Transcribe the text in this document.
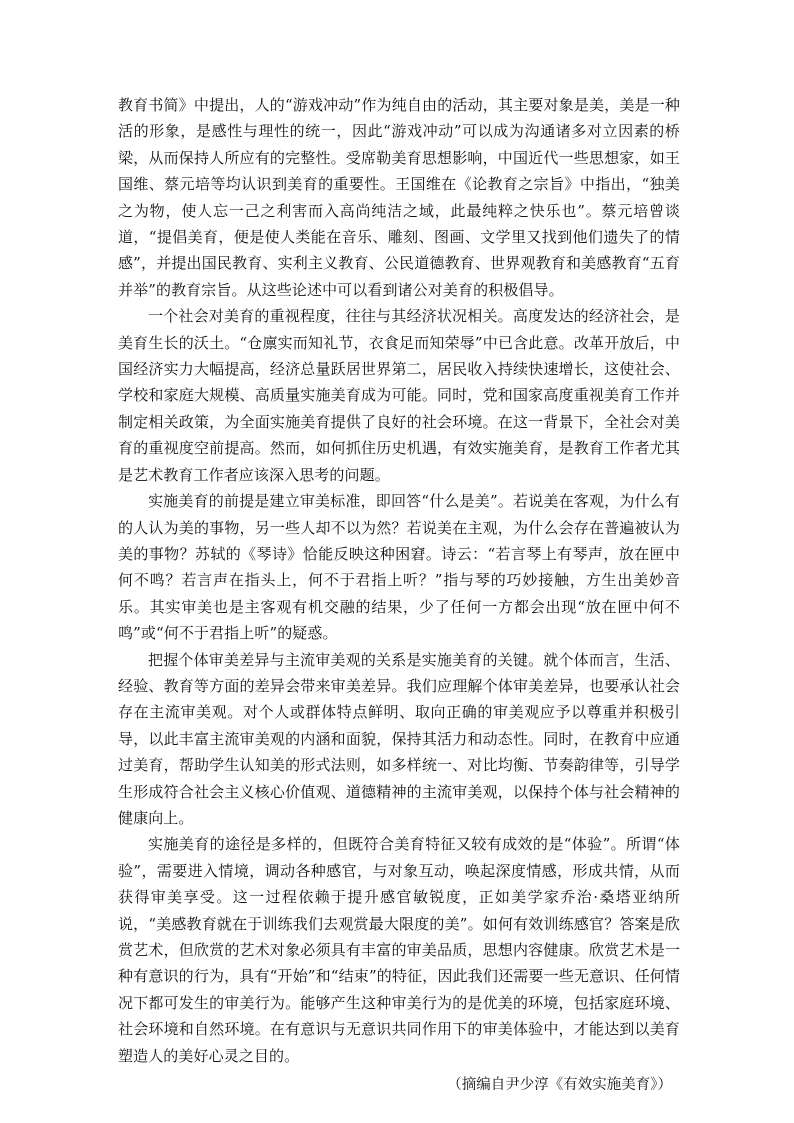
教育书简》中提出，人的“游戏冲动”作为纯自由的活动，其主要对象是美，美是一种活的形象，是感性与理性的统一，因此“游戏冲动”可以成为沟通诸多对立因素的桥梁，从而保持人所应有的完整性。受席勒美育思想影响，中国近代一些思想家，如王国维、蔡元培等均认识到美育的重要性。王国维在《论教育之宗旨》中指出，“独美之为物，使人忘一己之利害而入高尚纯洁之域，此最纯粹之快乐也”。蔡元培曾谈道，“提倡美育，便是使人类能在音乐、雕刻、图画、文学里又找到他们遗失了的情感”，并提出国民教育、实利主义教育、公民道德教育、世界观教育和美感教育“五育并举”的教育宗旨。从这些论述中可以看到诸公对美育的积极倡导。

一个社会对美育的重视程度，往往与其经济状况相关。高度发达的经济社会，是美育生长的沃土。“仓廪实而知礼节，衣食足而知荣辱”中已含此意。改革开放后，中国经济实力大幅提高，经济总量跃居世界第二，居民收入持续快速增长，这使社会、学校和家庭大规模、高质量实施美育成为可能。同时，党和国家高度重视美育工作并制定相关政策，为全面实施美育提供了良好的社会环境。在这一背景下，全社会对美育的重视度空前提高。然而，如何抓住历史机遇，有效实施美育，是教育工作者尤其是艺术教育工作者应该深入思考的问题。

实施美育的前提是建立审美标准，即回答“什么是美”。若说美在客观，为什么有的人认为美的事物，另一些人却不以为然？若说美在主观，为什么会存在普遍被认为美的事物？苏轼的《琴诗》恰能反映这种困窘。诗云：“若言琴上有琴声，放在匣中何不鸣？若言声在指头上，何不于君指上听？”指与琴的巧妙接触，方生出美妙音乐。其实审美也是主客观有机交融的结果，少了任何一方都会出现“放在匣中何不鸣”或“何不于君指上听”的疑惑。

把握个体审美差异与主流审美观的关系是实施美育的关键。就个体而言，生活、经验、教育等方面的差异会带来审美差异。我们应理解个体审美差异，也要承认社会存在主流审美观。对个人或群体特点鲜明、取向正确的审美观应予以尊重并积极引导，以此丰富主流审美观的内涵和面貌，保持其活力和动态性。同时，在教育中应通过美育，帮助学生认知美的形式法则，如多样统一、对比均衡、节奏韵律等，引导学生形成符合社会主义核心价值观、道德精神的主流审美观，以保持个体与社会精神的健康向上。

实施美育的途径是多样的，但既符合美育特征又较有成效的是“体验”。所谓“体验”，需要进入情境，调动各种感官，与对象互动，唤起深度情感，形成共情，从而获得审美享受。这一过程依赖于提升感官敏锐度，正如美学家乔治·桑塔亚纳所说，“美感教育就在于训练我们去观赏最大限度的美”。如何有效训练感官？答案是欣赏艺术，但欣赏的艺术对象必须具有丰富的审美品质，思想内容健康。欣赏艺术是一种有意识的行为，具有“开始”和“结束”的特征，因此我们还需要一些无意识、任何情况下都可发生的审美行为。能够产生这种审美行为的是优美的环境，包括家庭环境、社会环境和自然环境。在有意识与无意识共同作用下的审美体验中，才能达到以美育塑造人的美好心灵之目的。

（摘编自尹少淳《有效实施美育》）
